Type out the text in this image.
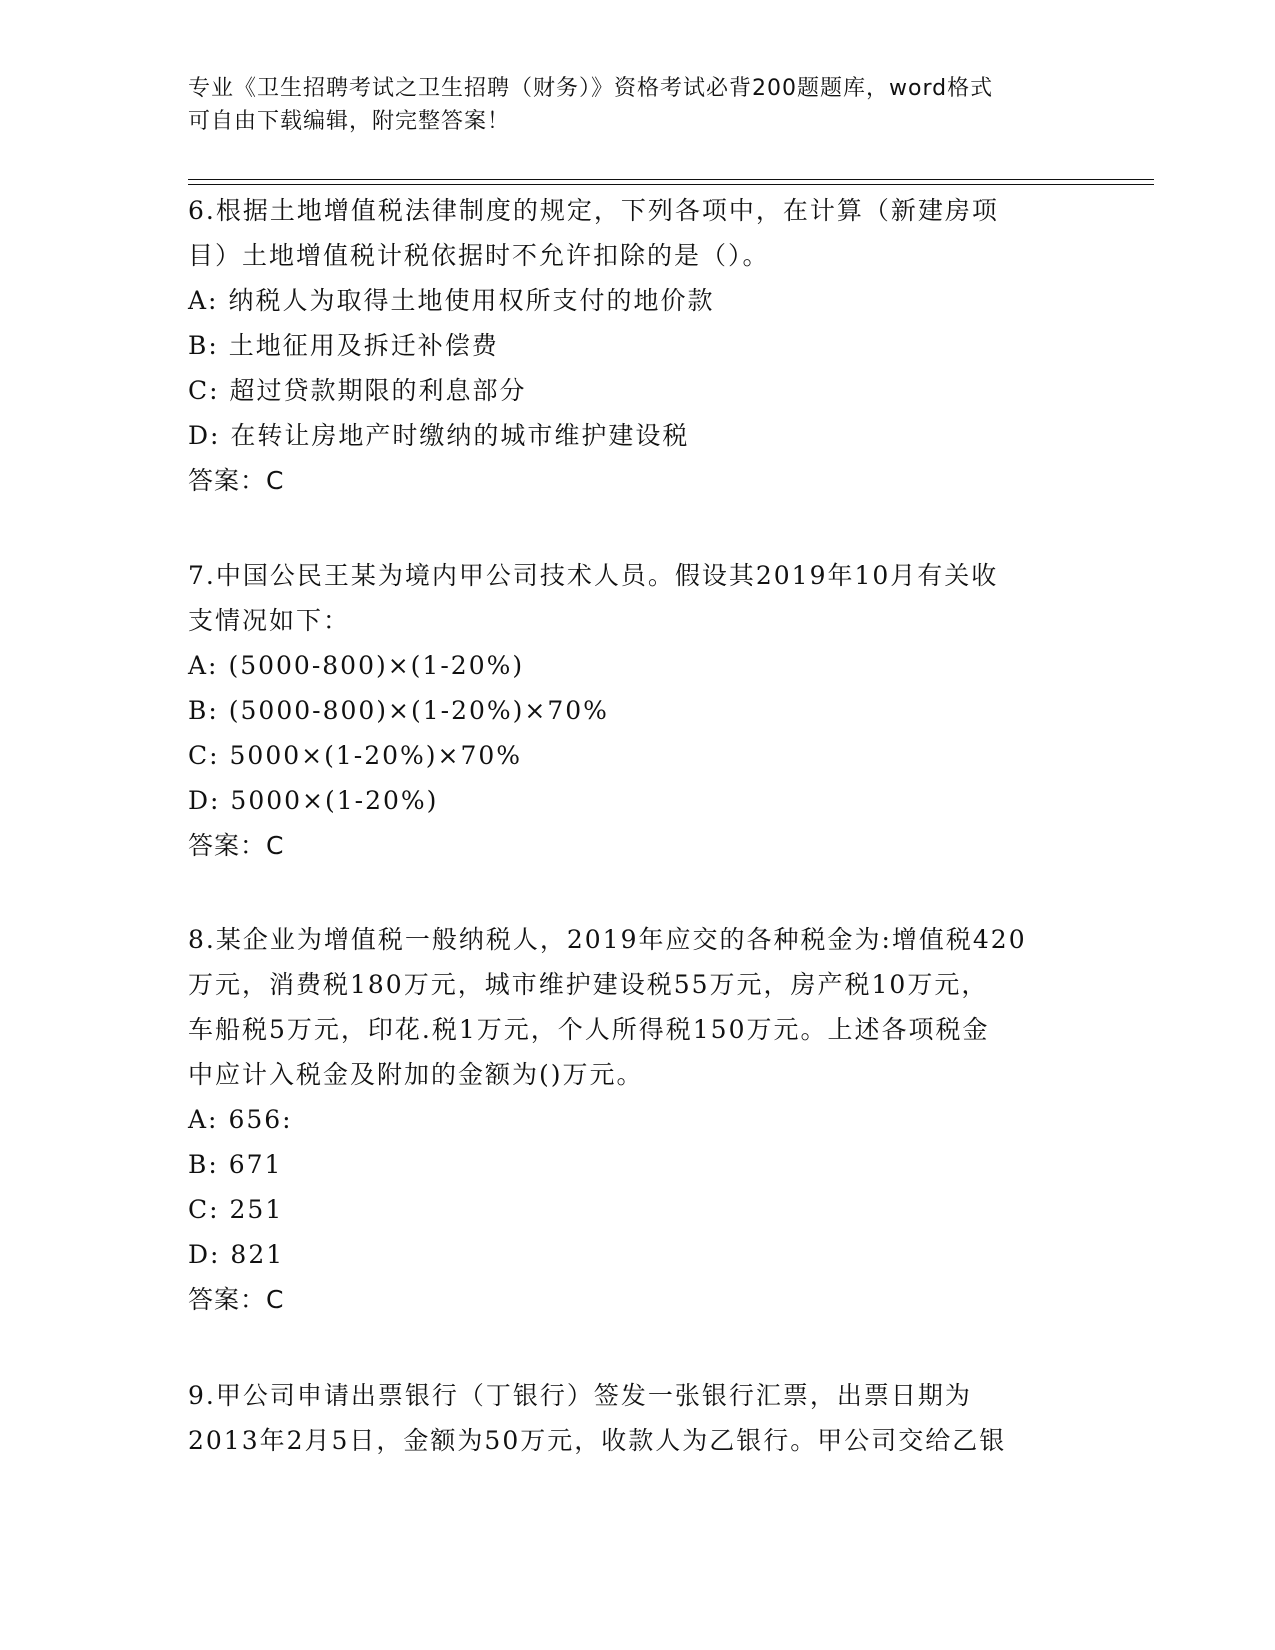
专业《卫生招聘考试之卫生招聘（财务）》资格考试必背200题题库，word格式
可自由下载编辑，附完整答案！
6.根据土地增值税法律制度的规定，下列各项中，在计算（新建房项
目）土地增值税计税依据时不允许扣除的是（）。
A: 纳税人为取得土地使用权所支付的地价款
B: 土地征用及拆迁补偿费
C: 超过贷款期限的利息部分
D: 在转让房地产时缴纳的城市维护建设税
答案：C
7.中国公民王某为境内甲公司技术人员。假设其2019年10月有关收
支情况如下：
A: (5000-800)×(1-20%)
B: (5000-800)×(1-20%)×70%
C: 5000×(1-20%)×70%
D: 5000×(1-20%)
答案：C
8.某企业为增值税一般纳税人，2019年应交的各种税金为:增值税420
万元，消费税180万元，城市维护建设税55万元，房产税10万元，
车船税5万元，印花.税1万元，个人所得税150万元。上述各项税金
中应计入税金及附加的金额为()万元。
A: 656:
B: 671
C: 251
D: 821
答案：C
9.甲公司申请出票银行（丁银行）签发一张银行汇票，出票日期为
2013年2月5日，金额为50万元，收款人为乙银行。甲公司交给乙银
